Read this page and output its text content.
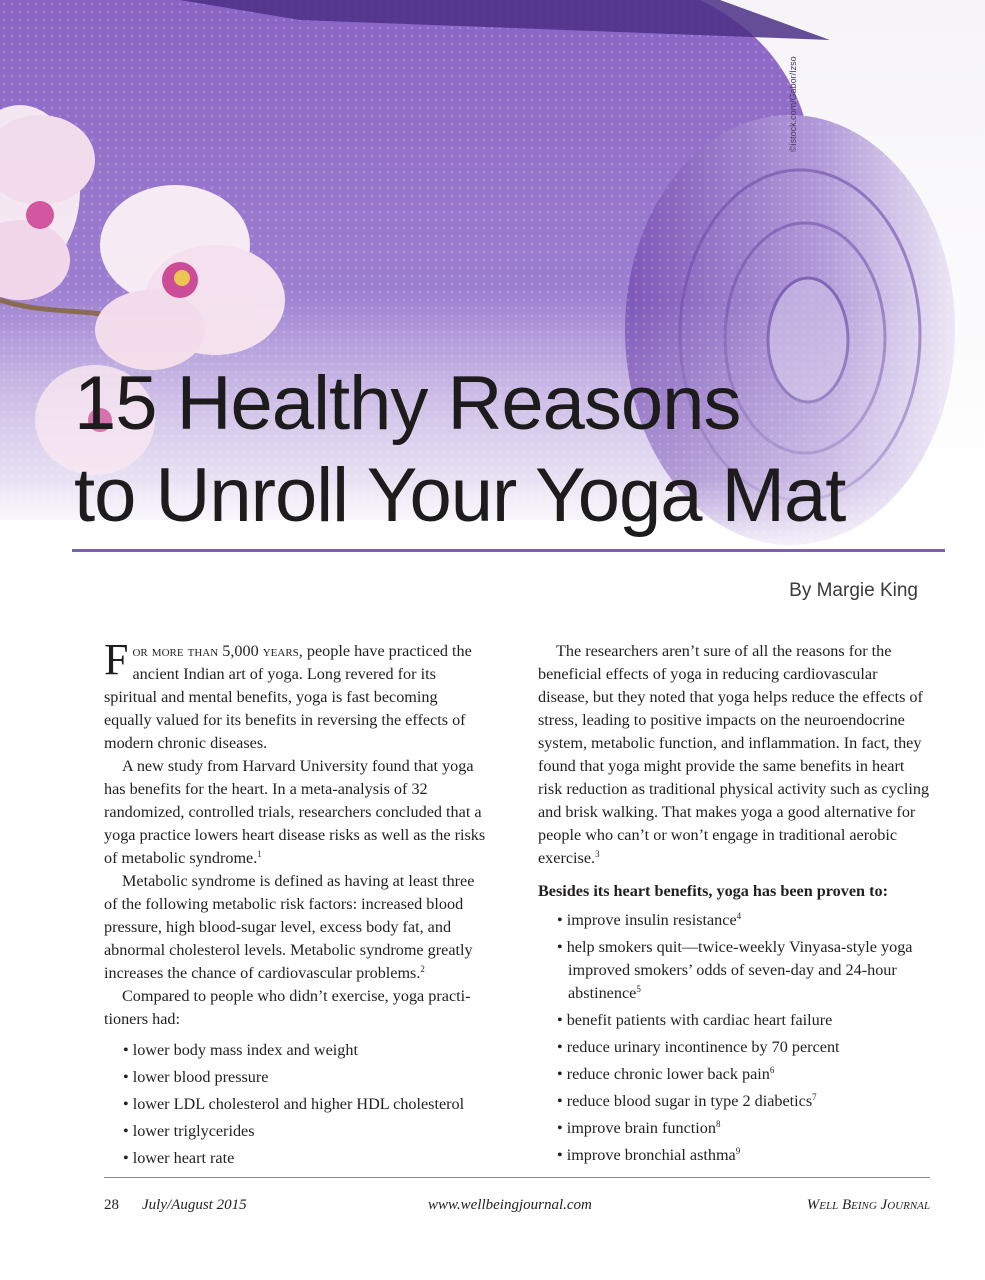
©istock.com/Gabor/Izso
15 Healthy Reasons
to Unroll Your Yoga Mat
By Margie King

For more than 5,000 years, people have practiced the ancient Indian art of yoga. Long revered for its spiritual and mental benefits, yoga is fast becoming equally valued for its benefits in reversing the effects of modern chronic diseases.

A new study from Harvard University found that yoga has benefits for the heart. In a meta-analysis of 32 randomized, controlled trials, researchers concluded that a yoga practice lowers heart disease risks as well as the risks of metabolic syndrome.$^1$

Metabolic syndrome is defined as having at least three of the following metabolic risk factors: increased blood pressure, high blood-sugar level, excess body fat, and abnormal cholesterol levels. Metabolic syndrome greatly increases the chance of cardiovascular problems.$^2$

Compared to people who didn’t exercise, yoga practitioners had:

• lower body mass index and weight
• lower blood pressure
• lower LDL cholesterol and higher HDL cholesterol
• lower triglycerides
• lower heart rate

The researchers aren’t sure of all the reasons for the beneficial effects of yoga in reducing cardiovascular disease, but they noted that yoga helps reduce the effects of stress, leading to positive impacts on the neuroendocrine system, metabolic function, and inflammation. In fact, they found that yoga might provide the same benefits in heart risk reduction as traditional physical activity such as cycling and brisk walking. That makes yoga a good alternative for people who can’t or won’t engage in traditional aerobic exercise.$^3$

Besides its heart benefits, yoga has been proven to:

• improve insulin resistance$^4$
• help smokers quit—twice-weekly Vinyasa-style yoga improved smokers’ odds of seven-day and 24-hour abstinence$^5$
• benefit patients with cardiac heart failure
• reduce urinary incontinence by 70 percent
• reduce chronic lower back pain$^6$
• reduce blood sugar in type 2 diabetics$^7$
• improve brain function$^8$
• improve bronchial asthma$^9$
28 July/August 2015	www.wellbeingjournal.com	Well Being Journal
